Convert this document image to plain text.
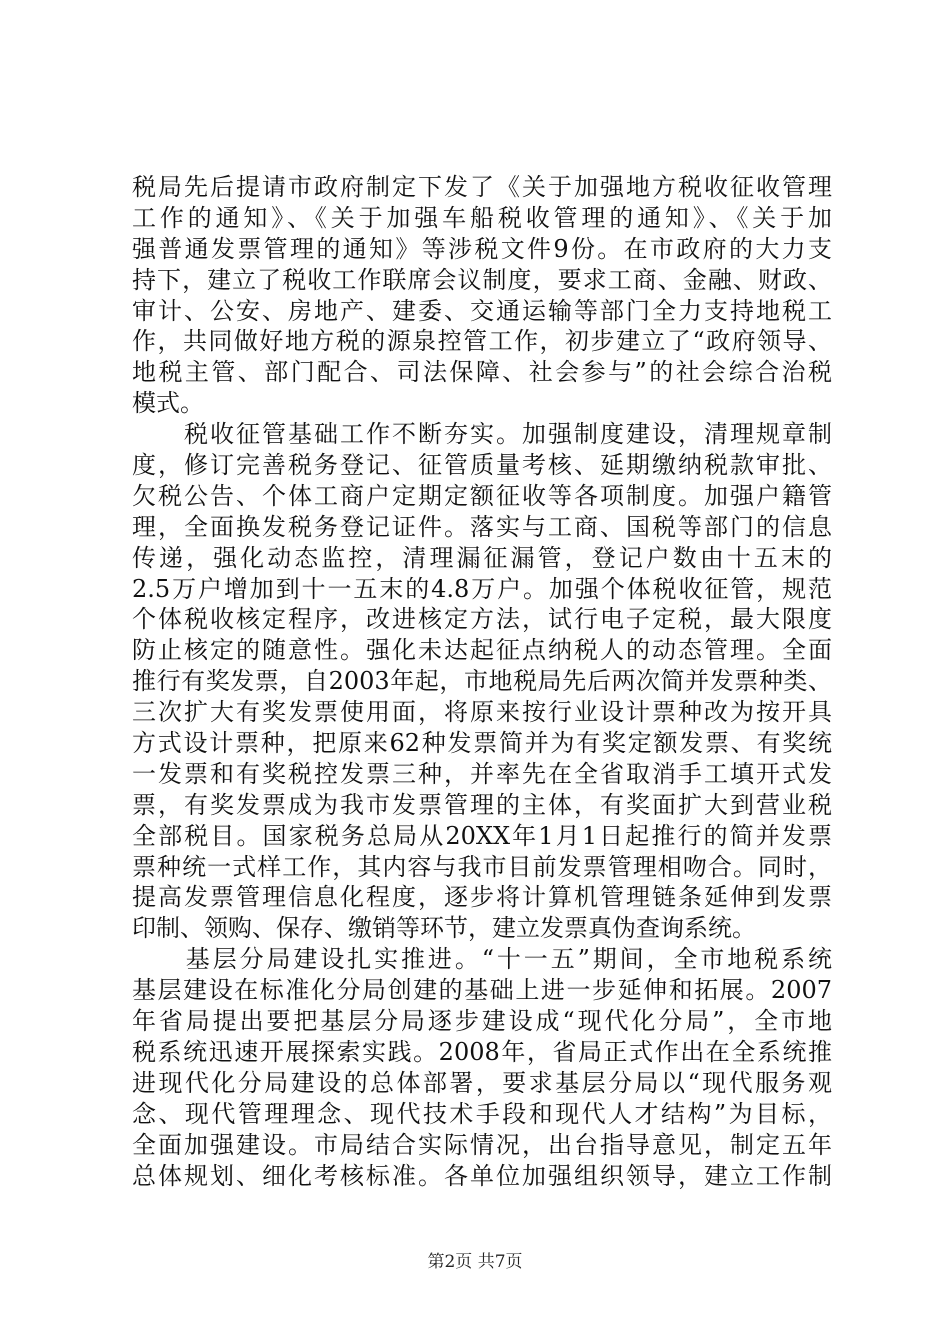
税局先后提请市政府制定下发了《关于加强地方税收征收管理
工作的通知》、《关于加强车船税收管理的通知》、《关于加
强普通发票管理的通知》等涉税文件9份。在市政府的大力支
持下，建立了税收工作联席会议制度，要求工商、金融、财政、
审计、公安、房地产、建委、交通运输等部门全力支持地税工
作，共同做好地方税的源泉控管工作，初步建立了“政府领导、
地税主管、部门配合、司法保障、社会参与”的社会综合治税
模式。
　　税收征管基础工作不断夯实。加强制度建设，清理规章制
度，修订完善税务登记、征管质量考核、延期缴纳税款审批、
欠税公告、个体工商户定期定额征收等各项制度。加强户籍管
理，全面换发税务登记证件。落实与工商、国税等部门的信息
传递，强化动态监控，清理漏征漏管，登记户数由十五末的
2.5万户增加到十一五末的4.8万户。加强个体税收征管，规范
个体税收核定程序，改进核定方法，试行电子定税，最大限度
防止核定的随意性。强化未达起征点纳税人的动态管理。全面
推行有奖发票，自2003年起，市地税局先后两次简并发票种类、
三次扩大有奖发票使用面，将原来按行业设计票种改为按开具
方式设计票种，把原来62种发票简并为有奖定额发票、有奖统
一发票和有奖税控发票三种，并率先在全省取消手工填开式发
票，有奖发票成为我市发票管理的主体，有奖面扩大到营业税
全部税目。国家税务总局从20XX年1月1日起推行的简并发票
票种统一式样工作，其内容与我市目前发票管理相吻合。同时，
提高发票管理信息化程度，逐步将计算机管理链条延伸到发票
印制、领购、保存、缴销等环节，建立发票真伪查询系统。
　　基层分局建设扎实推进。“十一五”期间，全市地税系统
基层建设在标准化分局创建的基础上进一步延伸和拓展。2007
年省局提出要把基层分局逐步建设成“现代化分局”，全市地
税系统迅速开展探索实践。2008年，省局正式作出在全系统推
进现代化分局建设的总体部署，要求基层分局以“现代服务观
念、现代管理理念、现代技术手段和现代人才结构”为目标，
全面加强建设。市局结合实际情况，出台指导意见，制定五年
总体规划、细化考核标准。各单位加强组织领导，建立工作制
第2页 共7页
